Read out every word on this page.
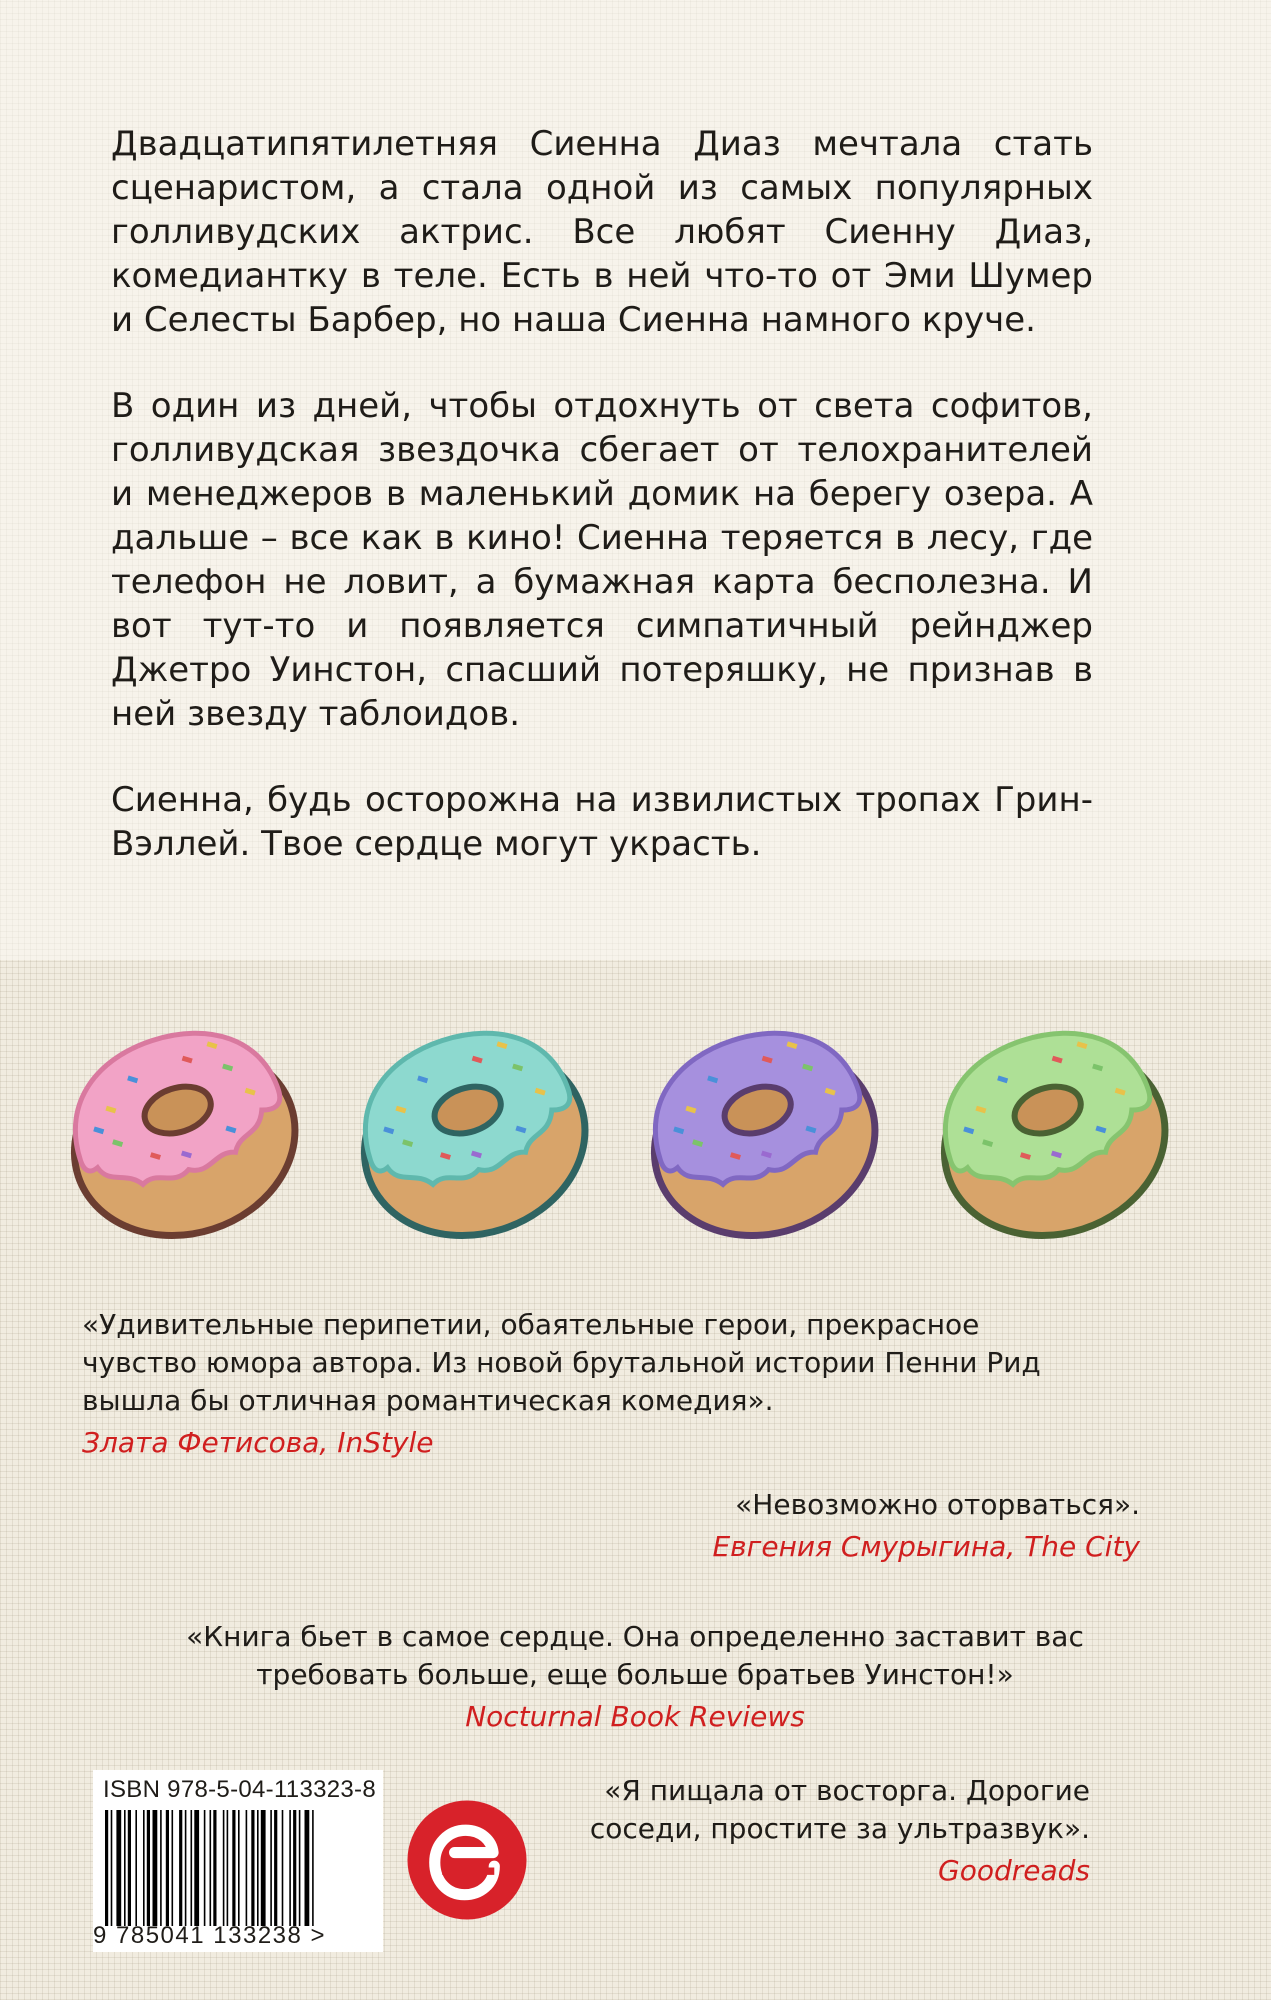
Двадцатипятилетняя Сиенна Диаз мечтала стать сценаристом, а стала одной из самых популярных голливудских актрис. Все любят Сиенну Диаз, комедиантку в теле. Есть в ней что-то от Эми Шумер и Селесты Барбер, но наша Сиенна намного круче.

В один из дней, чтобы отдохнуть от света софитов, голливудская звездочка сбегает от телохранителей и менеджеров в маленький домик на берегу озера. А дальше – все как в кино! Сиенна теряется в лесу, где телефон не ловит, а бумажная карта бесполезна. И вот тут-то и появляется симпатичный рейнджер Джетро Уинстон, спасший потеряшку, не признав в ней звезду таблоидов.

Сиенна, будь осторожна на извилистых тропах Грин-Вэллей. Твое сердце могут украсть.

«Удивительные перипетии, обаятельные герои, прекрасное чувство юмора автора. Из новой брутальной истории Пенни Рид вышла бы отличная романтическая комедия».

Злата Фетисова, InStyle

«Невозможно оторваться».

Евгения Смурыгина, The City

«Книга бьет в самое сердце. Она определенно заставит вас требовать больше, еще больше братьев Уинстон!»

Nocturnal Book Reviews

«Я пищала от восторга. Дорогие соседи, простите за ультразвук».

Goodreads

ISBN 978-5-04-113323-8
9 785041 133238 >
